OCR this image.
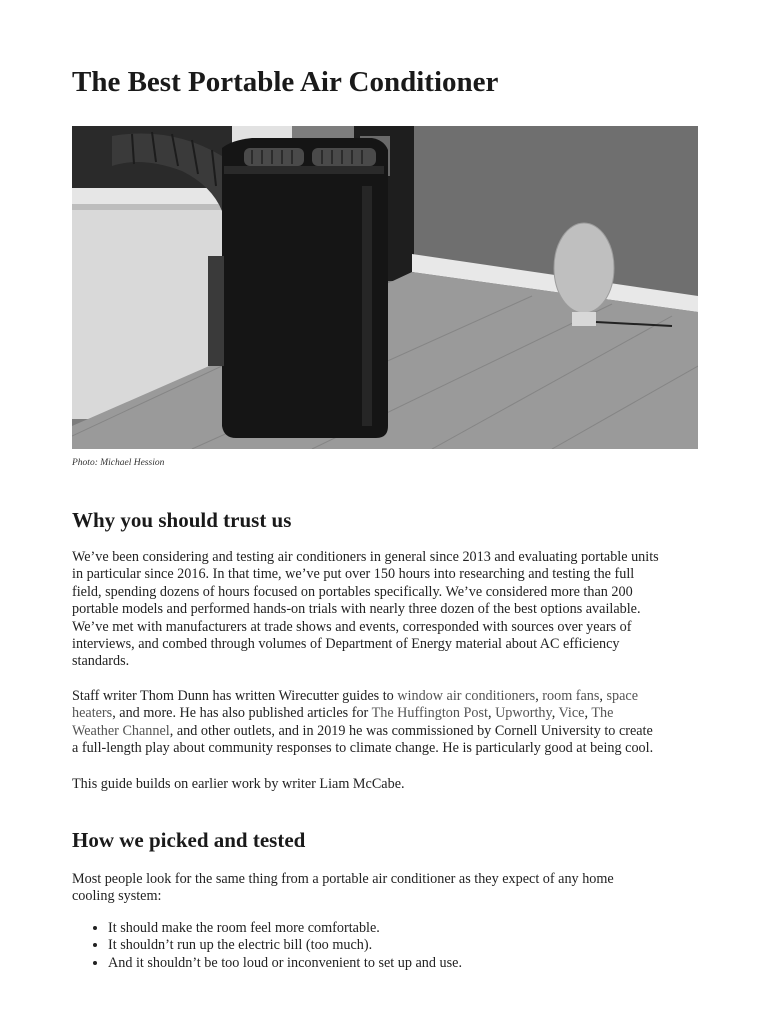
The Best Portable Air Conditioner
Photo: Michael Hession
Why you should trust us

We’ve been considering and testing air conditioners in general since 2013 and evaluating portable units
in particular since 2016. In that time, we’ve put over 150 hours into researching and testing the full
field, spending dozens of hours focused on portables specifically. We’ve considered more than 200
portable models and performed hands-on trials with nearly three dozen of the best options available.
We’ve met with manufacturers at trade shows and events, corresponded with sources over years of
interviews, and combed through volumes of Department of Energy material about AC efficiency
standards.

Staff writer Thom Dunn has written Wirecutter guides to window air conditioners, room fans, space
heaters, and more. He has also published articles for The Huffington Post, Upworthy, Vice, The
Weather Channel, and other outlets, and in 2019 he was commissioned by Cornell University to create
a full-length play about community responses to climate change. He is particularly good at being cool.

This guide builds on earlier work by writer Liam McCabe.

How we picked and tested

Most people look for the same thing from a portable air conditioner as they expect of any home
cooling system:

• It should make the room feel more comfortable.
• It shouldn’t run up the electric bill (too much).
• And it shouldn’t be too loud or inconvenient to set up and use.
